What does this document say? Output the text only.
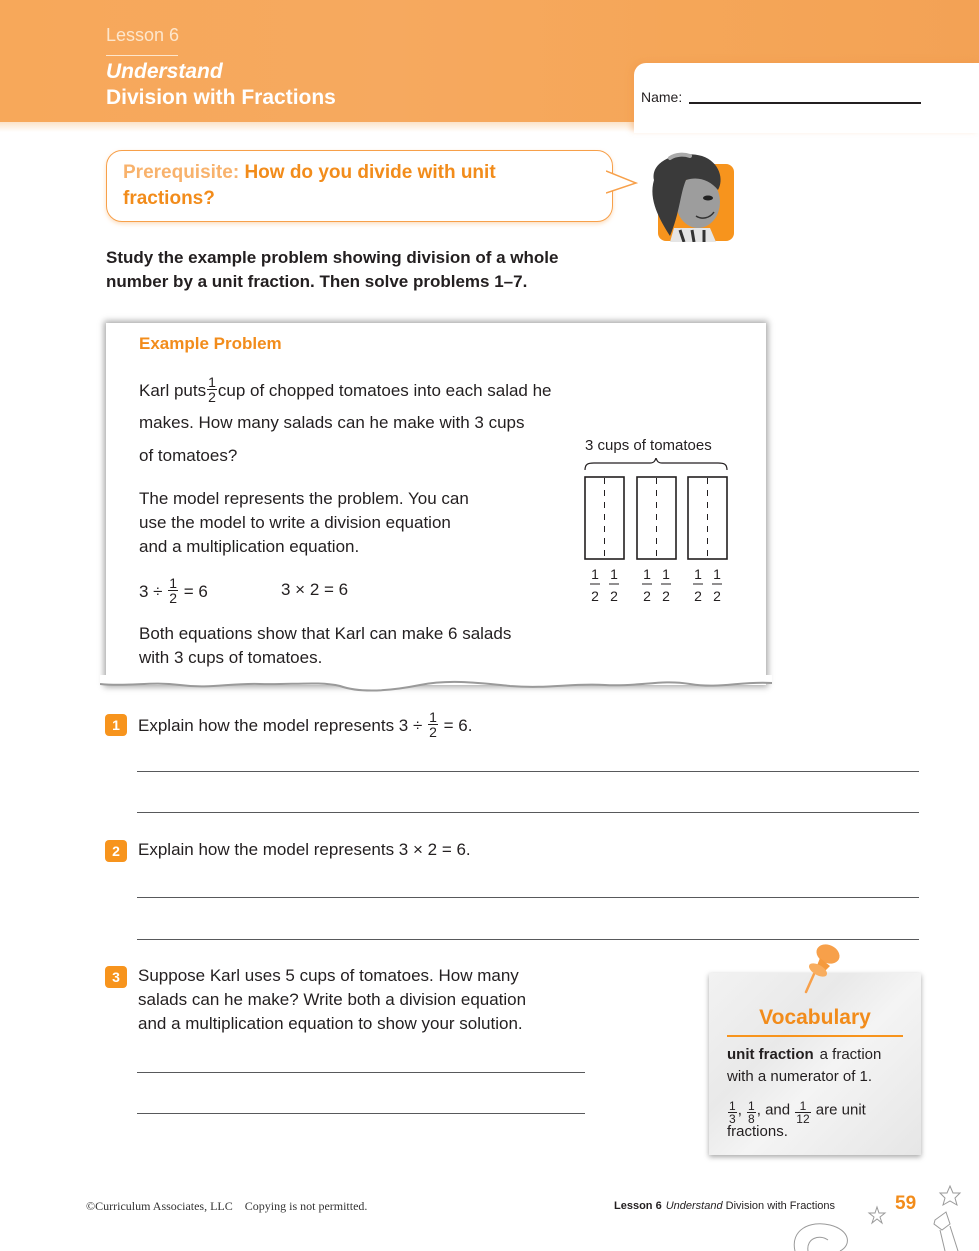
Lesson 6
Understand
Division with Fractions	Name:
Prerequisite: How do you divide with unit
fractions?
Study the example problem showing division of a whole
number by a unit fraction. Then solve problems 1–7.
Example Problem
Karl puts $\frac{1}{2}$ cup of chopped tomatoes into each salad he
makes. How many salads can he make with 3 cups
of tomatoes?
The model represents the problem. You can
use the model to write a division equation
and a multiplication equation.
$3 \div \frac{1}{2} = 6$	3 × 2 = 6
Both equations show that Karl can make 6 salads
with 3 cups of tomatoes.
3 cups of tomatoes
1
2
1
2
1
2
1
2
1
2
1
2
1	Explain how the model represents $3 \div \frac{1}{2} = 6$.
2	Explain how the model represents 3 × 2 = 6.
3	Suppose Karl uses 5 cups of tomatoes. How many
salads can he make? Write both a division equation
and a multiplication equation to show your solution.	Vocabulary
unit fraction a fraction
with a numerator of 1.
$\frac{1}{3}$ , $\frac{1}{8}$ , and $\frac{1}{12}$ are unit
fractions.
©Curriculum Associates, LLC    Copying is not permitted.	Lesson 6 Understand Division with Fractions	59
